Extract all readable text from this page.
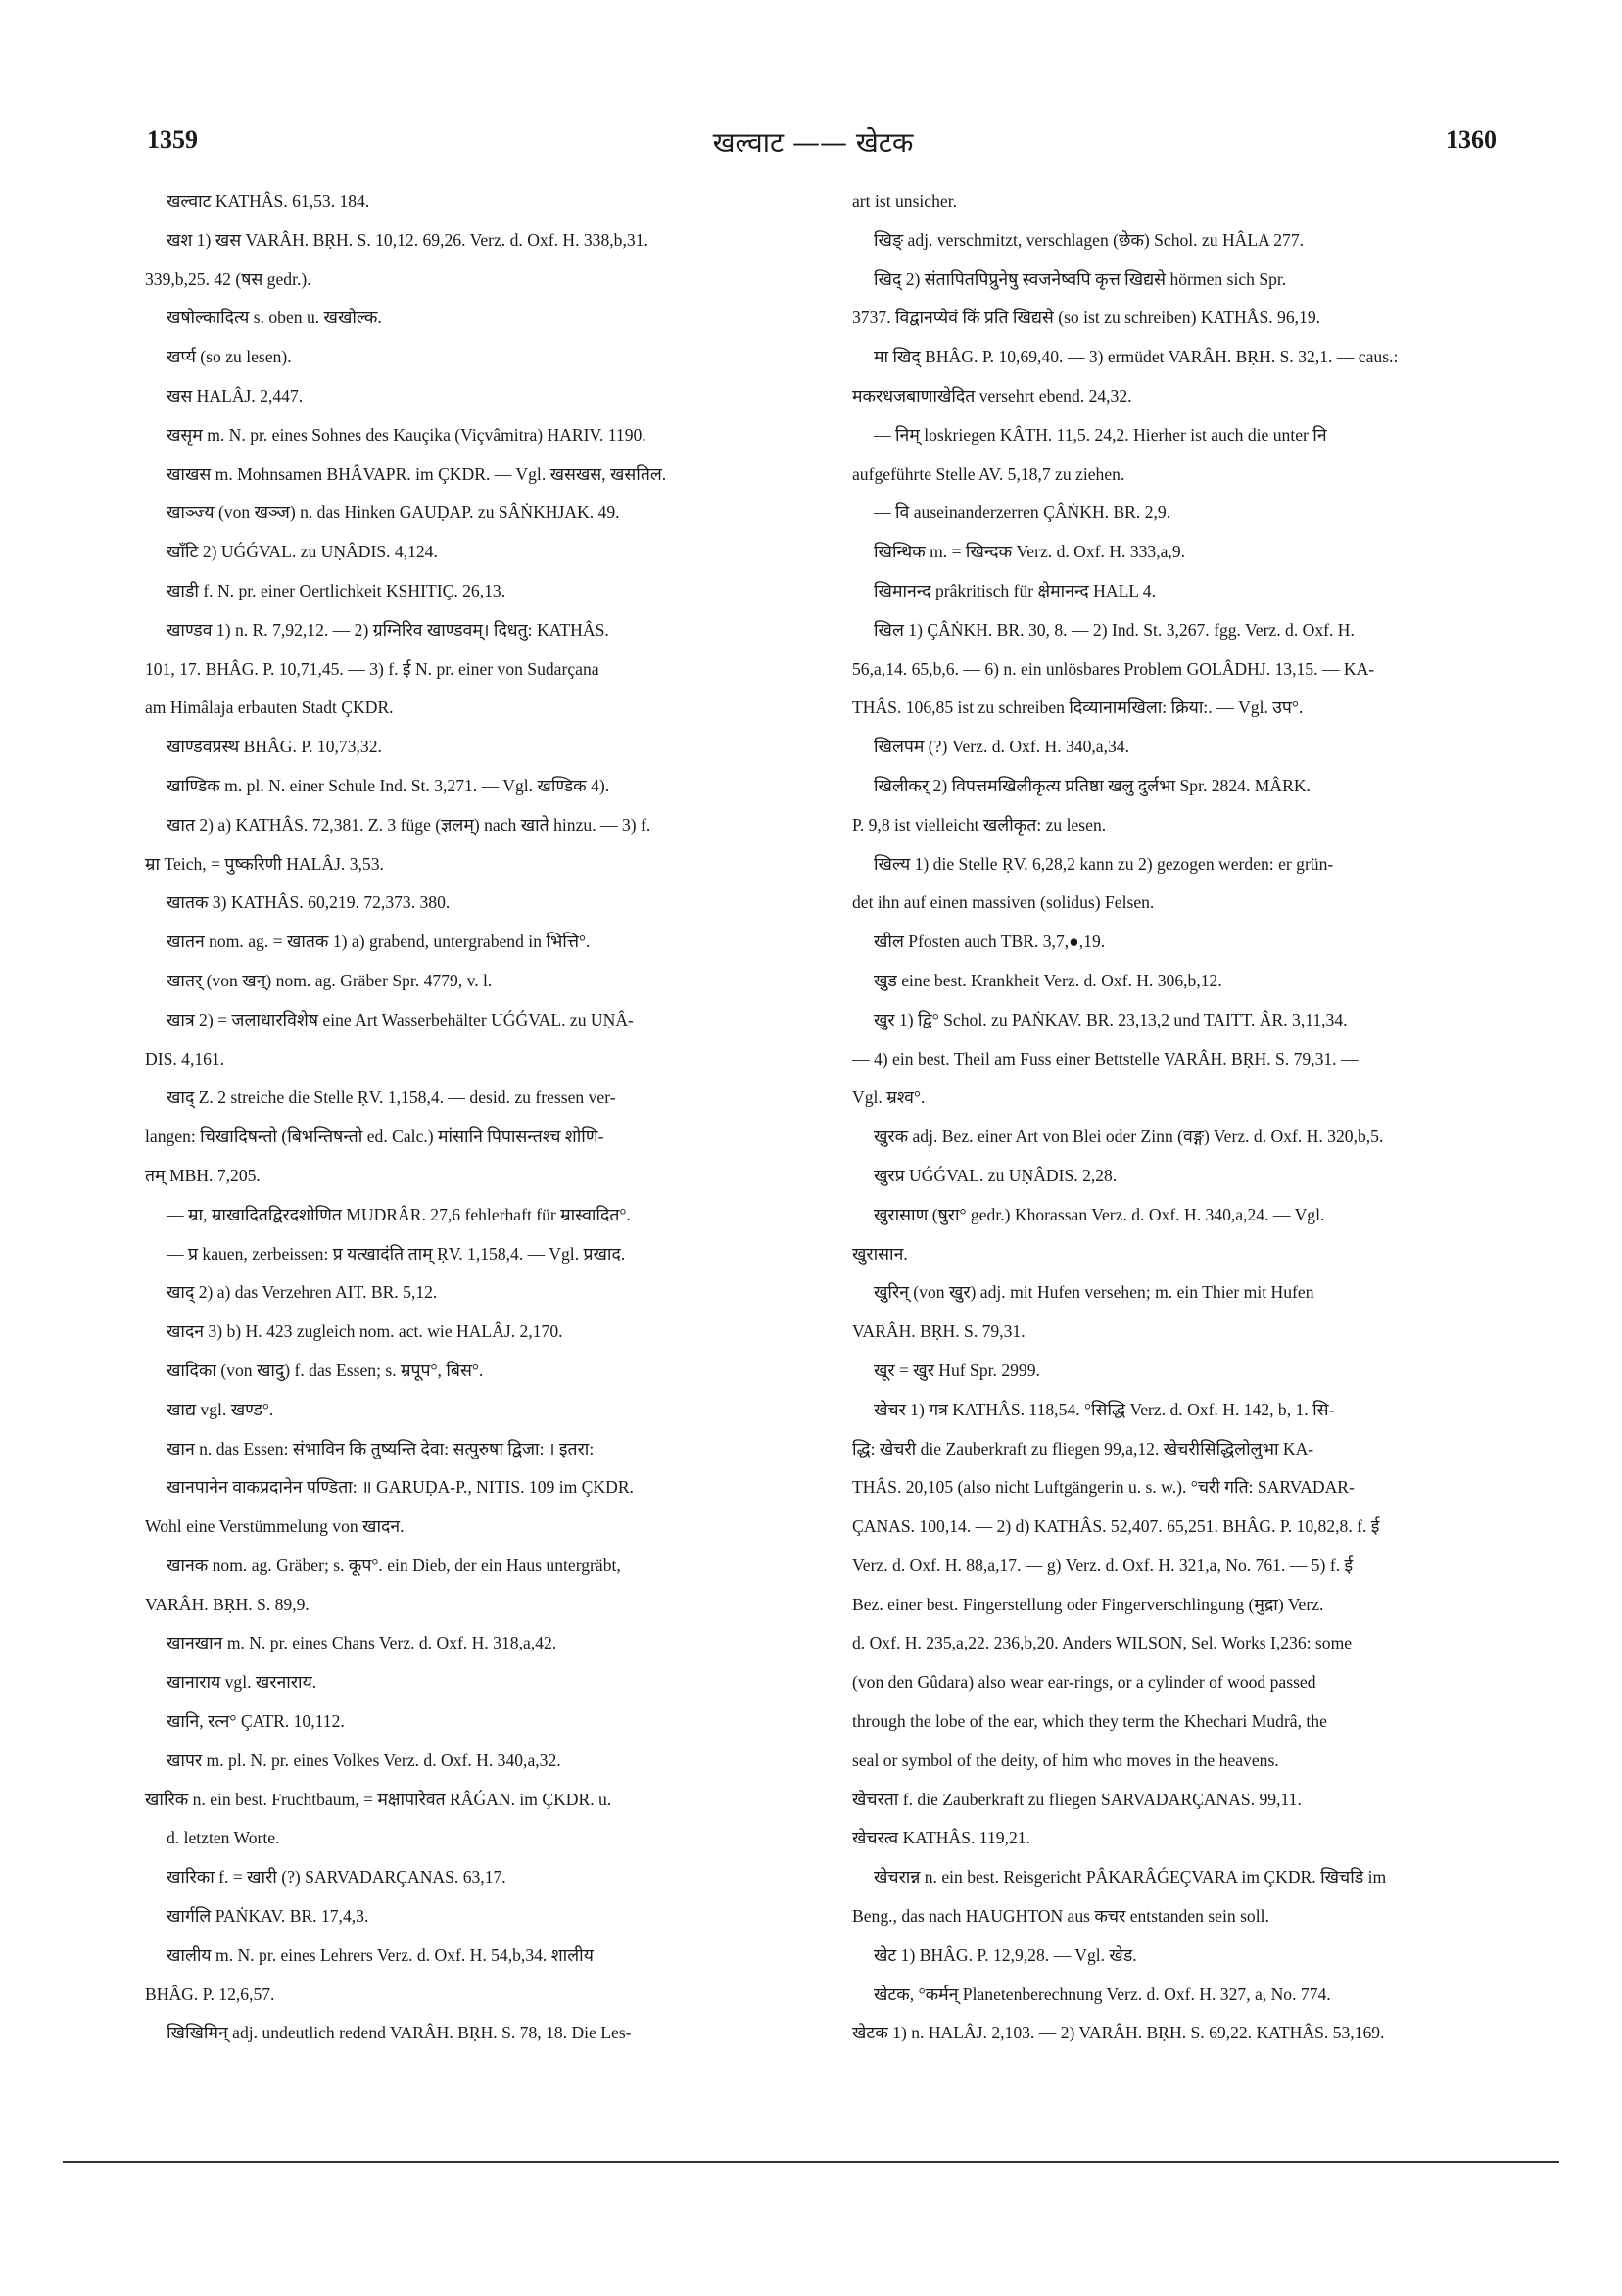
1359	खल्वाट —— खेटक	1360
खल्वाट KATHÂS. 61,53. 184.
खश 1) खस VARÂH. BṚH. S. 10,12. 69,26. Verz. d. Oxf. H. 338,b,31.
339,b,25. 42 (षस gedr.).
खषोल्कादित्य s. oben u. खखोल्क.
खर्प्य (so zu lesen).
खस HALÂJ. 2,447.
खसृम m. N. pr. eines Sohnes des Kauçika (Viçvâmitra) HARIV. 1190.
खाखस m. Mohnsamen BHÂVAPR. im ÇKDR. — Vgl. खसखस, खसतिल.
खाञ्ज्य (von खञ्ज) n. das Hinken GAUḌAP. zu SÂṄKHJAK. 49.
खाँटि 2) UǴǴVAL. zu UṆÂDIS. 4,124.
खाडी f. N. pr. einer Oertlichkeit KSHITIÇ. 26,13.
खाण्डव 1) n. R. 7,92,12. — 2) ग्रग्निरिव खाण्डवम्। दिधतु: KATHÂS.
101, 17. BHÂG. P. 10,71,45. — 3) f. ई N. pr. einer von Sudarçana
am Himâlaja erbauten Stadt ÇKDR.
खाण्डवप्रस्थ BHÂG. P. 10,73,32.
खाण्डिक m. pl. N. einer Schule Ind. St. 3,271. — Vgl. खण्डिक 4).
खात 2) a) KATHÂS. 72,381. Z. 3 füge (ज्ञलम्) nach खाते hinzu. — 3) f.
म्रा Teich, = पुष्करिणी HALÂJ. 3,53.
खातक 3) KATHÂS. 60,219. 72,373. 380.
खातन nom. ag. = खातक 1) a) grabend, untergrabend in भित्ति°.
खातर् (von खन्) nom. ag. Gräber Spr. 4779, v. l.
खात्र 2) = जलाधारविशेष eine Art Wasserbehälter UǴǴVAL. zu UṆÂ-
DIS. 4,161.
खाद् Z. 2 streiche die Stelle ṚV. 1,158,4. — desid. zu fressen ver-
langen: चिखादिषन्तो (बिभन्तिषन्तो ed. Calc.) मांसानि पिपासन्तश्च शोणि-
तम् MBH. 7,205.
— म्रा, म्राखादितद्विरदशोणित MUDRÂR. 27,6 fehlerhaft für म्रास्वादित°.
— प्र kauen, zerbeissen: प्र यत्खादंति ताम् ṚV. 1,158,4. — Vgl. प्रखाद.
खाद् 2) a) das Verzehren AIT. BR. 5,12.
खादन 3) b) H. 423 zugleich nom. act. wie HALÂJ. 2,170.
खादिका (von खादु) f. das Essen; s. म्रपूप°, बिस°.
खाद्य vgl. खण्ड°.
खान n. das Essen: संभाविन कि तुष्यन्ति देवा: सत्पुरुषा द्विजा: । इतरा:
खानपानेन वाकप्रदानेन पण्डिता: ॥ GARUḌA-P., NITIS. 109 im ÇKDR.
Wohl eine Verstümmelung von खादन.
खानक nom. ag. Gräber; s. कूप°. ein Dieb, der ein Haus untergräbt,
VARÂH. BṚH. S. 89,9.
खानखान m. N. pr. eines Chans Verz. d. Oxf. H. 318,a,42.
खानाराय vgl. खरनाराय.
खानि, रत्न° ÇATR. 10,112.
खापर m. pl. N. pr. eines Volkes Verz. d. Oxf. H. 340,a,32.
खारिक n. ein best. Fruchtbaum, = मक्षापारेवत RÂǴAN. im ÇKDR. u.
d. letzten Worte.
खारिका f. = खारी (?) SARVADARÇANAS. 63,17.
खार्गलि PAṄKAV. BR. 17,4,3.
खालीय m. N. pr. eines Lehrers Verz. d. Oxf. H. 54,b,34. शालीय
BHÂG. P. 12,6,57.
खिखिमिन् adj. undeutlich redend VARÂH. BṚH. S. 78, 18. Die Les-
art ist unsicher.
खिङ् adj. verschmitzt, verschlagen (छेक) Schol. zu HÂLA 277.
खिद् 2) संतापितपिप्रुनेषु स्वजनेष्वपि कृत्त खिद्यसे hörmen sich Spr.
3737. विद्वानप्येवं किं प्रति खिद्यसे (so ist zu schreiben) KATHÂS. 96,19.
मा खिद् BHÂG. P. 10,69,40. — 3) ermüdet VARÂH. BṚH. S. 32,1. — caus.:
मकरधजबाणाखेदित versehrt ebend. 24,32.
— निम् loskriegen KÂTH. 11,5. 24,2. Hierher ist auch die unter नि
aufgeführte Stelle AV. 5,18,7 zu ziehen.
— वि auseinanderzerren ÇÂṄKH. BR. 2,9.
खिन्धिक m. = खिन्दक Verz. d. Oxf. H. 333,a,9.
खिमानन्द prâkritisch für क्षेमानन्द HALL 4.
खिल 1) ÇÂṄKH. BR. 30, 8. — 2) Ind. St. 3,267. fgg. Verz. d. Oxf. H.
56,a,14. 65,b,6. — 6) n. ein unlösbares Problem GOLÂDHJ. 13,15. — KA-
THÂS. 106,85 ist zu schreiben दिव्यानामखिला: क्रिया:. — Vgl. उप°.
खिलपम (?) Verz. d. Oxf. H. 340,a,34.
खिलीकर् 2) विपत्तमखिलीकृत्य प्रतिष्ठा खलु दुर्लभा Spr. 2824. MÂRK.
P. 9,8 ist vielleicht खलीकृत: zu lesen.
खिल्य 1) die Stelle ṚV. 6,28,2 kann zu 2) gezogen werden: er grün-
det ihn auf einen massiven (solidus) Felsen.
खील Pfosten auch TBR. 3,7,●,19.
खुड eine best. Krankheit Verz. d. Oxf. H. 306,b,12.
खुर 1) द्वि° Schol. zu PAṄKAV. BR. 23,13,2 und TAITT. ÂR. 3,11,34.
— 4) ein best. Theil am Fuss einer Bettstelle VARÂH. BṚH. S. 79,31. —
Vgl. म्रश्व°.
खुरक adj. Bez. einer Art von Blei oder Zinn (वङ्ग) Verz. d. Oxf. H. 320,b,5.
खुरप्र UǴǴVAL. zu UṆÂDIS. 2,28.
खुरासाण (षुरा° gedr.) Khorassan Verz. d. Oxf. H. 340,a,24. — Vgl.
खुरासान.
खुरिन् (von खुर) adj. mit Hufen versehen; m. ein Thier mit Hufen
VARÂH. BṚH. S. 79,31.
खूर = खुर Huf Spr. 2999.
खेचर 1) गत्र KATHÂS. 118,54. °सिद्धि Verz. d. Oxf. H. 142, b, 1. सि-
द्धि: खेचरी die Zauberkraft zu fliegen 99,a,12. खेचरीसिद्धिलोलुभा KA-
THÂS. 20,105 (also nicht Luftgängerin u. s. w.). °चरी गति: SARVADAR-
ÇANAS. 100,14. — 2) d) KATHÂS. 52,407. 65,251. BHÂG. P. 10,82,8. f. ई
Verz. d. Oxf. H. 88,a,17. — g) Verz. d. Oxf. H. 321,a, No. 761. — 5) f. ई
Bez. einer best. Fingerstellung oder Fingerverschlingung (मुद्रा) Verz.
d. Oxf. H. 235,a,22. 236,b,20. Anders WILSON, Sel. Works I,236: some
(von den Gûdara) also wear ear-rings, or a cylinder of wood passed
through the lobe of the ear, which they term the Khechari Mudrâ, the
seal or symbol of the deity, of him who moves in the heavens.
खेचरता f. die Zauberkraft zu fliegen SARVADARÇANAS. 99,11.
खेचरत्व KATHÂS. 119,21.
खेचरान्न n. ein best. Reisgericht PÂKARÂǴEÇVARA im ÇKDR. खिचडि im
Beng., das nach HAUGHTON aus कचर entstanden sein soll.
खेट 1) BHÂG. P. 12,9,28. — Vgl. खेड.
खेटक, °कर्मन् Planetenberechnung Verz. d. Oxf. H. 327, a, No. 774.
खेटक 1) n. HALÂJ. 2,103. — 2) VARÂH. BṚH. S. 69,22. KATHÂS. 53,169.
